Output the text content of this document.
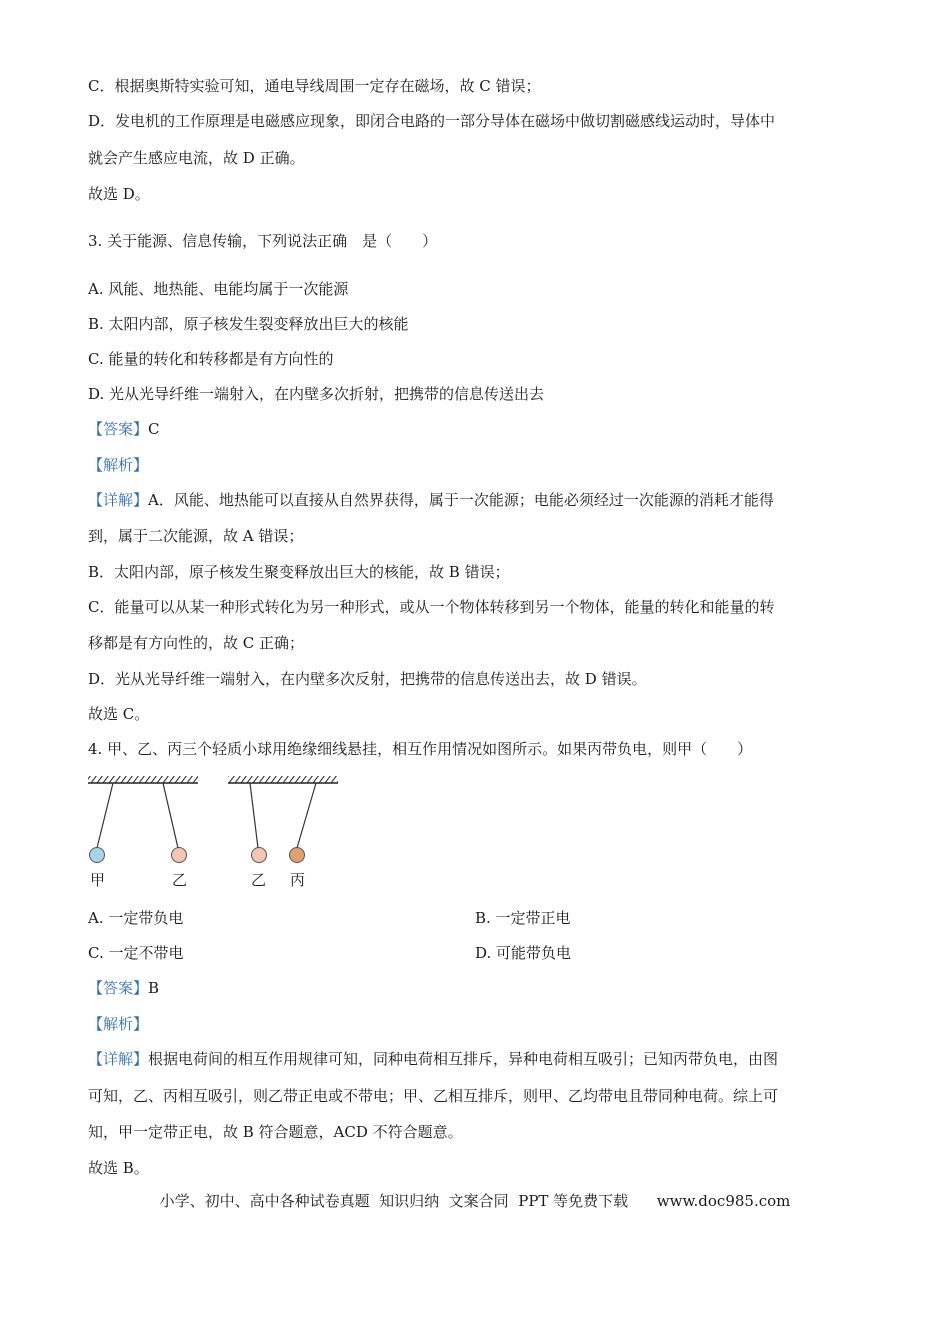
C．根据奥斯特实验可知，通电导线周围一定存在磁场，故 C 错误；
D．发电机的工作原理是电磁感应现象，即闭合电路的一部分导体在磁场中做切割磁感线运动时，导体中
就会产生感应电流，故 D 正确。
故选 D。
3. 关于能源、信息传输，下列说法正确　是（　　）
A. 风能、地热能、电能均属于一次能源
B. 太阳内部，原子核发生裂变释放出巨大的核能
C. 能量的转化和转移都是有方向性的
D. 光从光导纤维一端射入，在内壁多次折射，把携带的信息传送出去
【答案】C
【解析】
【详解】A．风能、地热能可以直接从自然界获得，属于一次能源；电能必须经过一次能源的消耗才能得
到，属于二次能源，故 A 错误；
B．太阳内部，原子核发生聚变释放出巨大的核能，故 B 错误；
C．能量可以从某一种形式转化为另一种形式，或从一个物体转移到另一个物体，能量的转化和能量的转
移都是有方向性的，故 C 正确；
D．光从光导纤维一端射入，在内壁多次反射，把携带的信息传送出去，故 D 错误。
故选 C。
4. 甲、乙、丙三个轻质小球用绝缘细线悬挂，相互作用情况如图所示。如果丙带负电，则甲（　　）
甲	乙	乙 丙
A. 一定带负电	B. 一定带正电
C. 一定不带电	D. 可能带负电
【答案】B
【解析】
【详解】根据电荷间的相互作用规律可知，同种电荷相互排斥，异种电荷相互吸引；已知丙带负电，由图
可知，乙、丙相互吸引，则乙带正电或不带电；甲、乙相互排斥，则甲、乙均带电且带同种电荷。综上可
知，甲一定带正电，故 B 符合题意，ACD 不符合题意。
故选 B。
小学、初中、高中各种试卷真题  知识归纳  文案合同  PPT 等免费下载      www.doc985.com
